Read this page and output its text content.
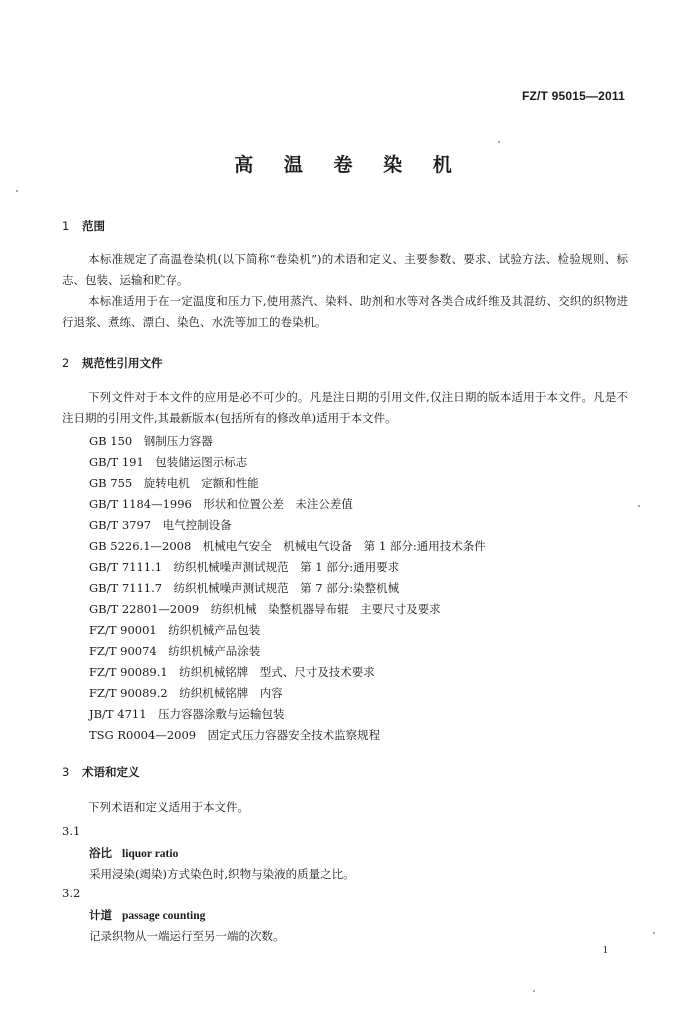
FZ/T 95015—2011
高 温 卷 染 机
1 范围
本标准规定了高温卷染机(以下简称“卷染机”)的术语和定义、主要参数、要求、试验方法、检验规则、标志、包装、运输和贮存。
本标准适用于在一定温度和压力下,使用蒸汽、染料、助剂和水等对各类合成纤维及其混纺、交织的织物进行退浆、煮练、漂白、染色、水洗等加工的卷染机。
2 规范性引用文件
下列文件对于本文件的应用是必不可少的。凡是注日期的引用文件,仅注日期的版本适用于本文件。凡是不注日期的引用文件,其最新版本(包括所有的修改单)适用于本文件。
GB 150　钢制压力容器
GB/T 191　包装储运图示标志
GB 755　旋转电机　定额和性能
GB/T 1184—1996　形状和位置公差　未注公差值
GB/T 3797　电气控制设备
GB 5226.1—2008　机械电气安全　机械电气设备　第 1 部分:通用技术条件
GB/T 7111.1　纺织机械噪声测试规范　第 1 部分:通用要求
GB/T 7111.7　纺织机械噪声测试规范　第 7 部分:染整机械
GB/T 22801—2009　纺织机械　染整机器导布辊　主要尺寸及要求
FZ/T 90001　纺织机械产品包装
FZ/T 90074　纺织机械产品涂装
FZ/T 90089.1　纺织机械铭牌　型式、尺寸及技术要求
FZ/T 90089.2　纺织机械铭牌　内容
JB/T 4711　压力容器涂敷与运输包装
TSG R0004—2009　固定式压力容器安全技术监察规程
3 术语和定义
下列术语和定义适用于本文件。
3.1
浴比 liquor ratio
采用浸染(竭染)方式染色时,织物与染液的质量之比。
3.2
计道 passage counting
记录织物从一端运行至另一端的次数。
1
